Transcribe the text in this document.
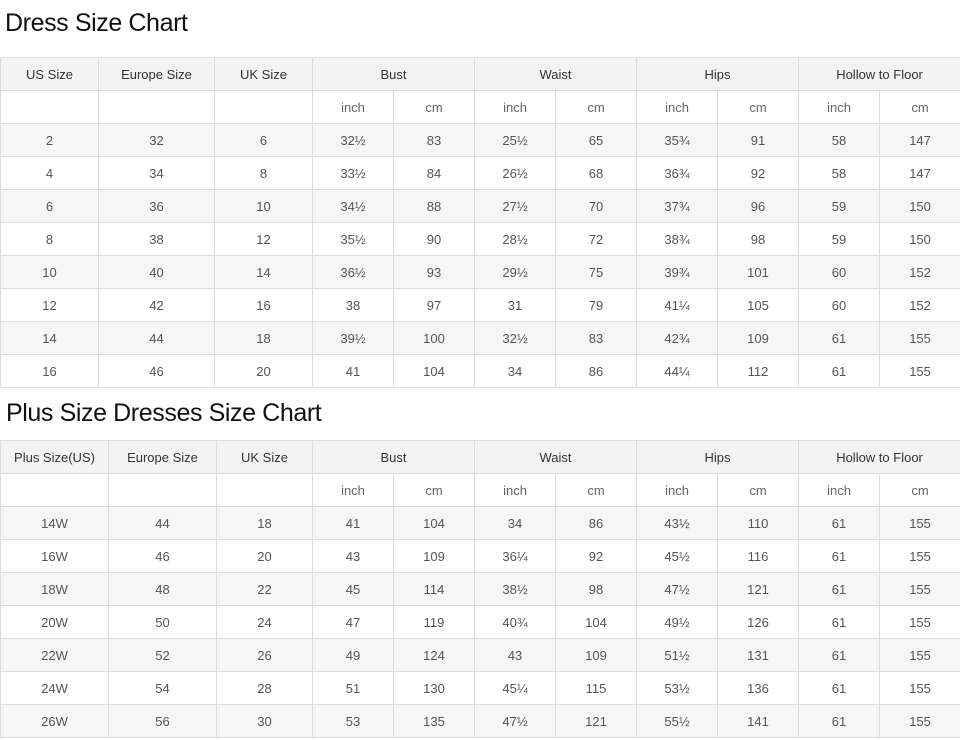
Dress Size Chart
US Size	Europe Size	UK Size	Bust		Waist		Hips		Hollow to Floor	
			inch	cm	inch	cm	inch	cm	inch	cm
2	32	6	32½	83	25½	65	35¾	91	58	147
4	34	8	33½	84	26½	68	36¾	92	58	147
6	36	10	34½	88	27½	70	37¾	96	59	150
8	38	12	35½	90	28½	72	38¾	98	59	150
10	40	14	36½	93	29½	75	39¾	101	60	152
12	42	16	38	97	31	79	41¼	105	60	152
14	44	18	39½	100	32½	83	42¾	109	61	155
16	46	20	41	104	34	86	44¼	112	61	155
Plus Size Dresses Size Chart
Plus Size(US)	Europe Size	UK Size	Bust		Waist		Hips		Hollow to Floor	
			inch	cm	inch	cm	inch	cm	inch	cm
14W	44	18	41	104	34	86	43½	110	61	155
16W	46	20	43	109	36¼	92	45½	116	61	155
18W	48	22	45	114	38½	98	47½	121	61	155
20W	50	24	47	119	40¾	104	49½	126	61	155
22W	52	26	49	124	43	109	51½	131	61	155
24W	54	28	51	130	45¼	115	53½	136	61	155
26W	56	30	53	135	47½	121	55½	141	61	155
